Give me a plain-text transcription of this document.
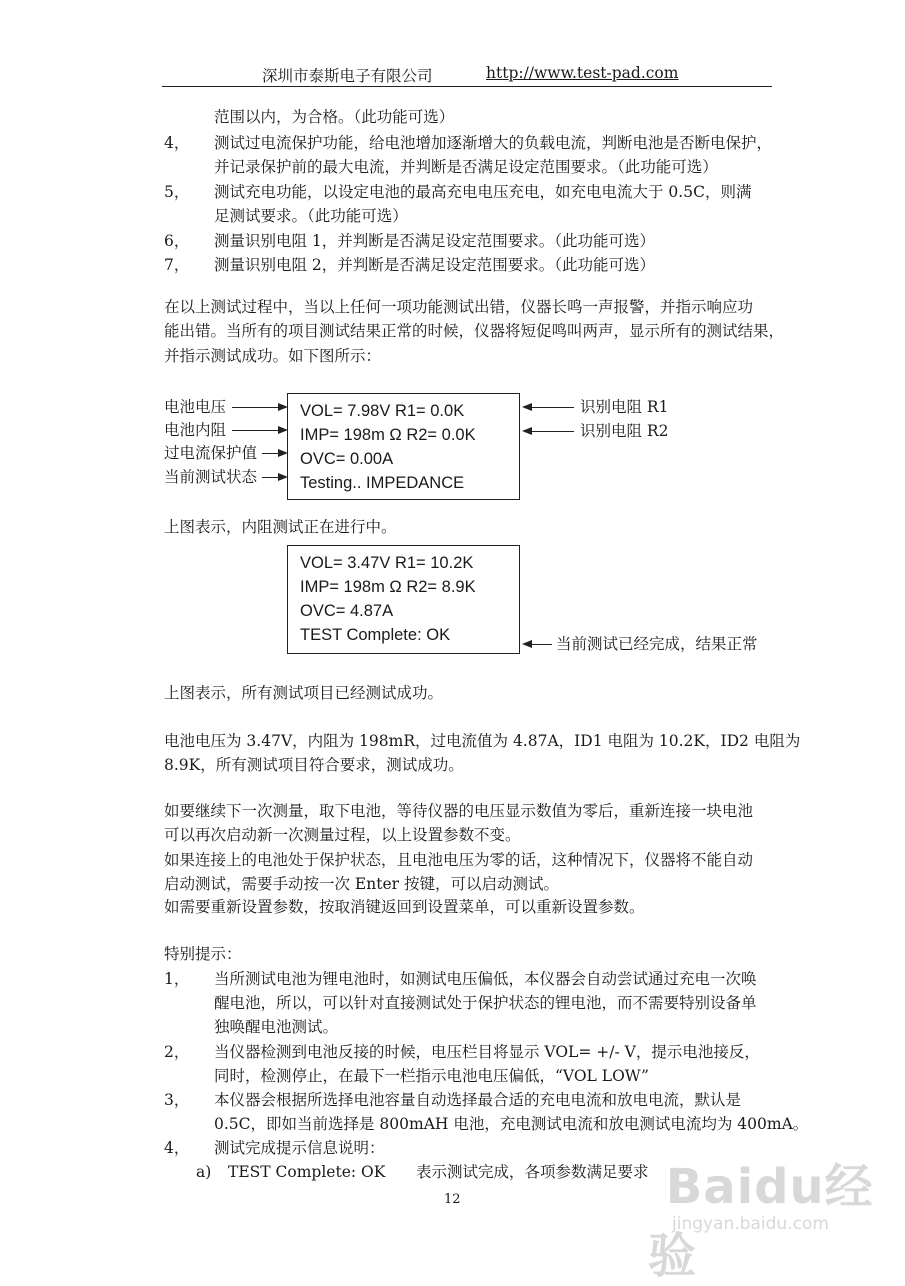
深圳市泰斯电子有限公司	http://www.test-pad.com
范围以内，为合格。（此功能可选）
4， 测试过电流保护功能，给电池增加逐渐增大的负载电流，判断电池是否断电保护，
并记录保护前的最大电流，并判断是否满足设定范围要求。（此功能可选）
5， 测试充电功能，以设定电池的最高充电电压充电，如充电电流大于 0.5C，则满
足测试要求。（此功能可选）
6， 测量识别电阻 1，并判断是否满足设定范围要求。（此功能可选）
7， 测量识别电阻 2，并判断是否满足设定范围要求。（此功能可选）
在以上测试过程中，当以上任何一项功能测试出错，仪器长鸣一声报警，并指示响应功
能出错。当所有的项目测试结果正常的时候，仪器将短促鸣叫两声，显示所有的测试结果，
并指示测试成功。如下图所示：
VOL= 7.98V R1= 0.0K
IMP= 198m Ω R2= 0.0K
OVC= 0.00A
Testing.. IMPEDANCE
电池电压
电池内阻
过电流保护值
当前测试状态
识别电阻 R1
识别电阻 R2
上图表示，内阻测试正在进行中。
VOL= 3.47V R1= 10.2K
IMP= 198m Ω R2= 8.9K
OVC= 4.87A
TEST Complete: OK	当前测试已经完成，结果正常
上图表示，所有测试项目已经测试成功。
电池电压为 3.47V，内阻为 198mR，过电流值为 4.87A，ID1 电阻为 10.2K，ID2 电阻为
8.9K，所有测试项目符合要求，测试成功。
如要继续下一次测量，取下电池，等待仪器的电压显示数值为零后，重新连接一块电池
可以再次启动新一次测量过程，以上设置参数不变。
如果连接上的电池处于保护状态，且电池电压为零的话，这种情况下，仪器将不能自动
启动测试，需要手动按一次 Enter 按键，可以启动测试。
如需要重新设置参数，按取消键返回到设置菜单，可以重新设置参数。
特别提示：
1， 当所测试电池为锂电池时，如测试电压偏低，本仪器会自动尝试通过充电一次唤
醒电池，所以，可以针对直接测试处于保护状态的锂电池，而不需要特别设备单
独唤醒电池测试。
2， 当仪器检测到电池反接的时候，电压栏目将显示 VOL= +/- V，提示电池接反，
同时，检测停止，在最下一栏指示电池电压偏低，“VOL LOW”
3， 本仪器会根据所选择电池容量自动选择最合适的充电电流和放电电流，默认是
0.5C，即如当前选择是 800mAH 电池，充电测试电流和放电测试电流均为 400mA。
4， 测试完成提示信息说明：
a) TEST Complete: OK 表示测试完成，各项参数满足要求
12	Baidu经验
jingyan.baidu.com
